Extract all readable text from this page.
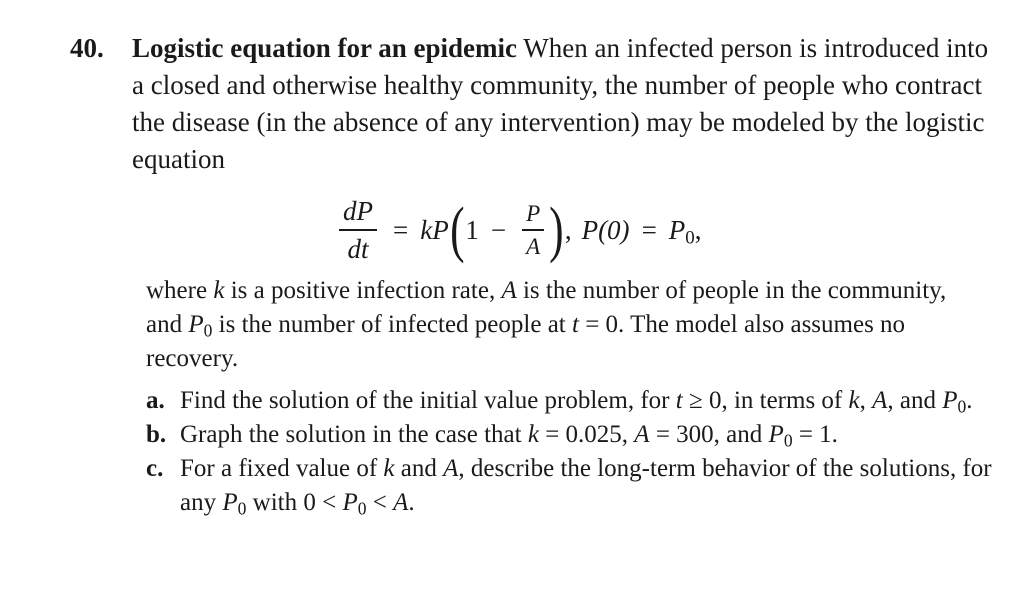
40. Logistic equation for an epidemic When an infected person is introduced into a closed and otherwise healthy community, the number of people who contract the disease (in the absence of any intervention) may be modeled by the logistic equation

$\frac{dP}{dt}$ = kP ( $1 - \frac{P}{A}$ ) , $P(0) = P_0$ ,

where k is a positive infection rate, A is the number of people in the community, and $P_0$ is the number of infected people at t = 0. The model also assumes no recovery.

a. Find the solution of the initial value problem, for t ≥ 0, in terms of k, A, and $P_0$.

b. Graph the solution in the case that k = 0.025, A = 300, and $P_0 = 1$.

c. For a fixed value of k and A, describe the long-term behavior of the solutions, for any $P_0$ with $0 < P_0 < A$.
